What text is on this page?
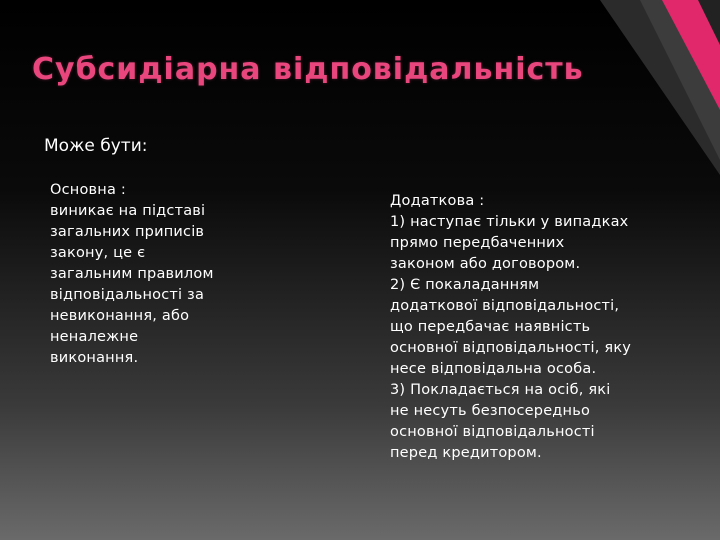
Субсидіарна відповідальність
Може бути:
Основна :
виникає на підставі
загальних приписів
закону, це є
загальним правилом
відповідальності за
невиконання, або
неналежне
виконання.
Додаткова :
1) наступає тільки у випадках
прямо передбаченних
законом або договором.
2) Є покаладанням
додаткової відповідальності,
що передбачає наявність
основної відповідальності, яку
несе відповідальна особа.
3) Покладається на осіб, які
не несуть безпосередньо
основної відповідальності
перед кредитором.
